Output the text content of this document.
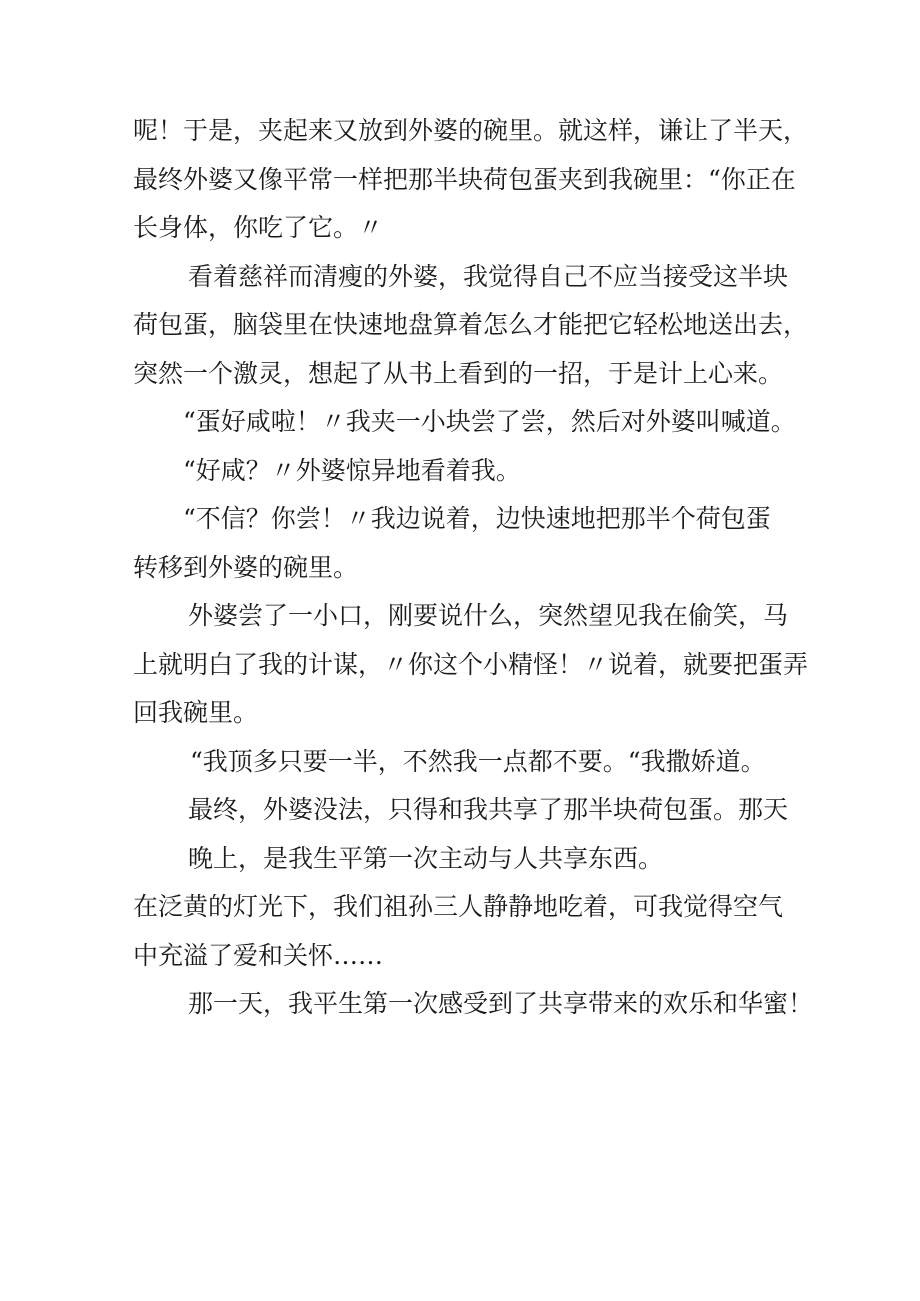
呢！于是，夹起来又放到外婆的碗里。就这样，谦让了半天，
最终外婆又像平常一样把那半块荷包蛋夹到我碗里：“你正在
长身体，你吃了它。〃
看着慈祥而清瘦的外婆，我觉得自己不应当接受这半块
荷包蛋，脑袋里在快速地盘算着怎么才能把它轻松地送出去，
突然一个激灵，想起了从书上看到的一招，于是计上心来。
“蛋好咸啦！〃我夹一小块尝了尝，然后对外婆叫喊道。
“好咸？〃外婆惊异地看着我。
“不信？你尝！〃我边说着，边快速地把那半个荷包蛋
转移到外婆的碗里。
外婆尝了一小口，刚要说什么，突然望见我在偷笑，马
上就明白了我的计谋，〃你这个小精怪！〃说着，就要把蛋弄
回我碗里。
“我顶多只要一半，不然我一点都不要。“我撒娇道。
最终，外婆没法，只得和我共享了那半块荷包蛋。那天
晚上，是我生平第一次主动与人共享东西。
在泛黄的灯光下，我们祖孙三人静静地吃着，可我觉得空气
中充溢了爱和关怀……
那一天，我平生第一次感受到了共享带来的欢乐和华蜜！
